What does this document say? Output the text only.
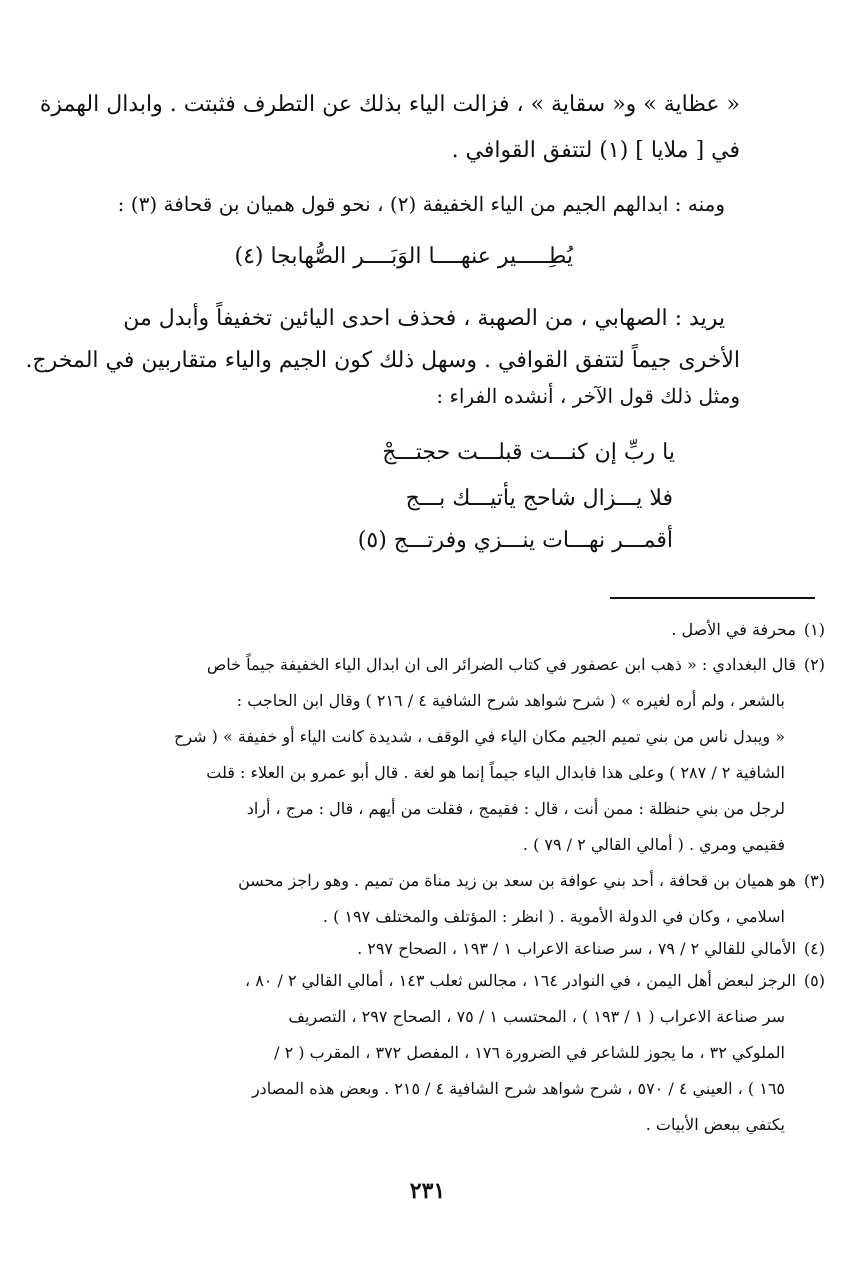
« عظاية » و« سقاية » ، فزالت الياء بذلك عن التطرف فثبتت . وابدال الهمزة
في [ ملايا ] (١) لتتفق القوافي .
ومنه : ابدالهم الجيم من الياء الخفيفة (٢) ، نحو قول هميان بن قحافة (٣) :
يُطِـــــير عنهــــا الوَبَــــر الصُّهابجا (٤)
يريد : الصهابي ، من الصهبة ، فحذف احدى اليائين تخفيفاً وأبدل من
الأخرى جيماً لتتفق القوافي . وسهل ذلك كون الجيم والياء متقاربين في المخرج.
ومثل ذلك قول الآخر ، أنشده الفراء :
يا ربِّ إن كنـــت قبلـــت حجتـــجْ
فلا يـــزال شاحج يأتيـــك بـــج
أقمـــر نهـــات ينـــزي وفرتـــج (٥)
(١)محرفة في الأصل .
(٢)قال البغدادي : « ذهب ابن عصفور في كتاب الضرائر الى ان ابدال الياء الخفيفة جيماً خاص
بالشعر ، ولم أره لغيره » ( شرح شواهد شرح الشافية ٤ / ٢١٦ ) وقال ابن الحاجب :
« ويبدل ناس من بني تميم الجيم مكان الياء في الوقف ، شديدة كانت الياء أو خفيفة » ( شرح
الشافية ٢ / ٢٨٧ ) وعلى هذا فابدال الياء جيماً إنما هو لغة . قال أبو عمرو بن العلاء : قلت
لرجل من بني حنظلة : ممن أنت ، قال : فقيمج ، فقلت من أيهم ، قال : مرج ، أراد
فقيمي ومري . ( أمالي القالي ٢ / ٧٩ ) .
(٣)هو هميان بن قحافة ، أحد بني عوافة بن سعد بن زيد مناة من تميم . وهو راجز محسن
اسلامي ، وكان في الدولة الأموية . ( انظر : المؤتلف والمختلف ١٩٧ ) .
(٤)الأمالي للقالي ٢ / ٧٩ ، سر صناعة الاعراب ١ / ١٩٣ ، الصحاح ٢٩٧ .
(٥)الرجز لبعض أهل اليمن ، في النوادر ١٦٤ ، مجالس ثعلب ١٤٣ ، أمالي القالي ٢ / ٨٠ ،
سر صناعة الاعراب ( ١ / ١٩٣ ) ، المحتسب ١ / ٧٥ ، الصحاح ٢٩٧ ، التصريف
الملوكي ٣٢ ، ما يجوز للشاعر في الضرورة ١٧٦ ، المفصل ٣٧٢ ، المقرب ( ٢ /
١٦٥ ) ، العيني ٤ / ٥٧٠ ، شرح شواهد شرح الشافية ٤ / ٢١٥ . وبعض هذه المصادر
يكتفي ببعض الأبيات .
٢٣١
